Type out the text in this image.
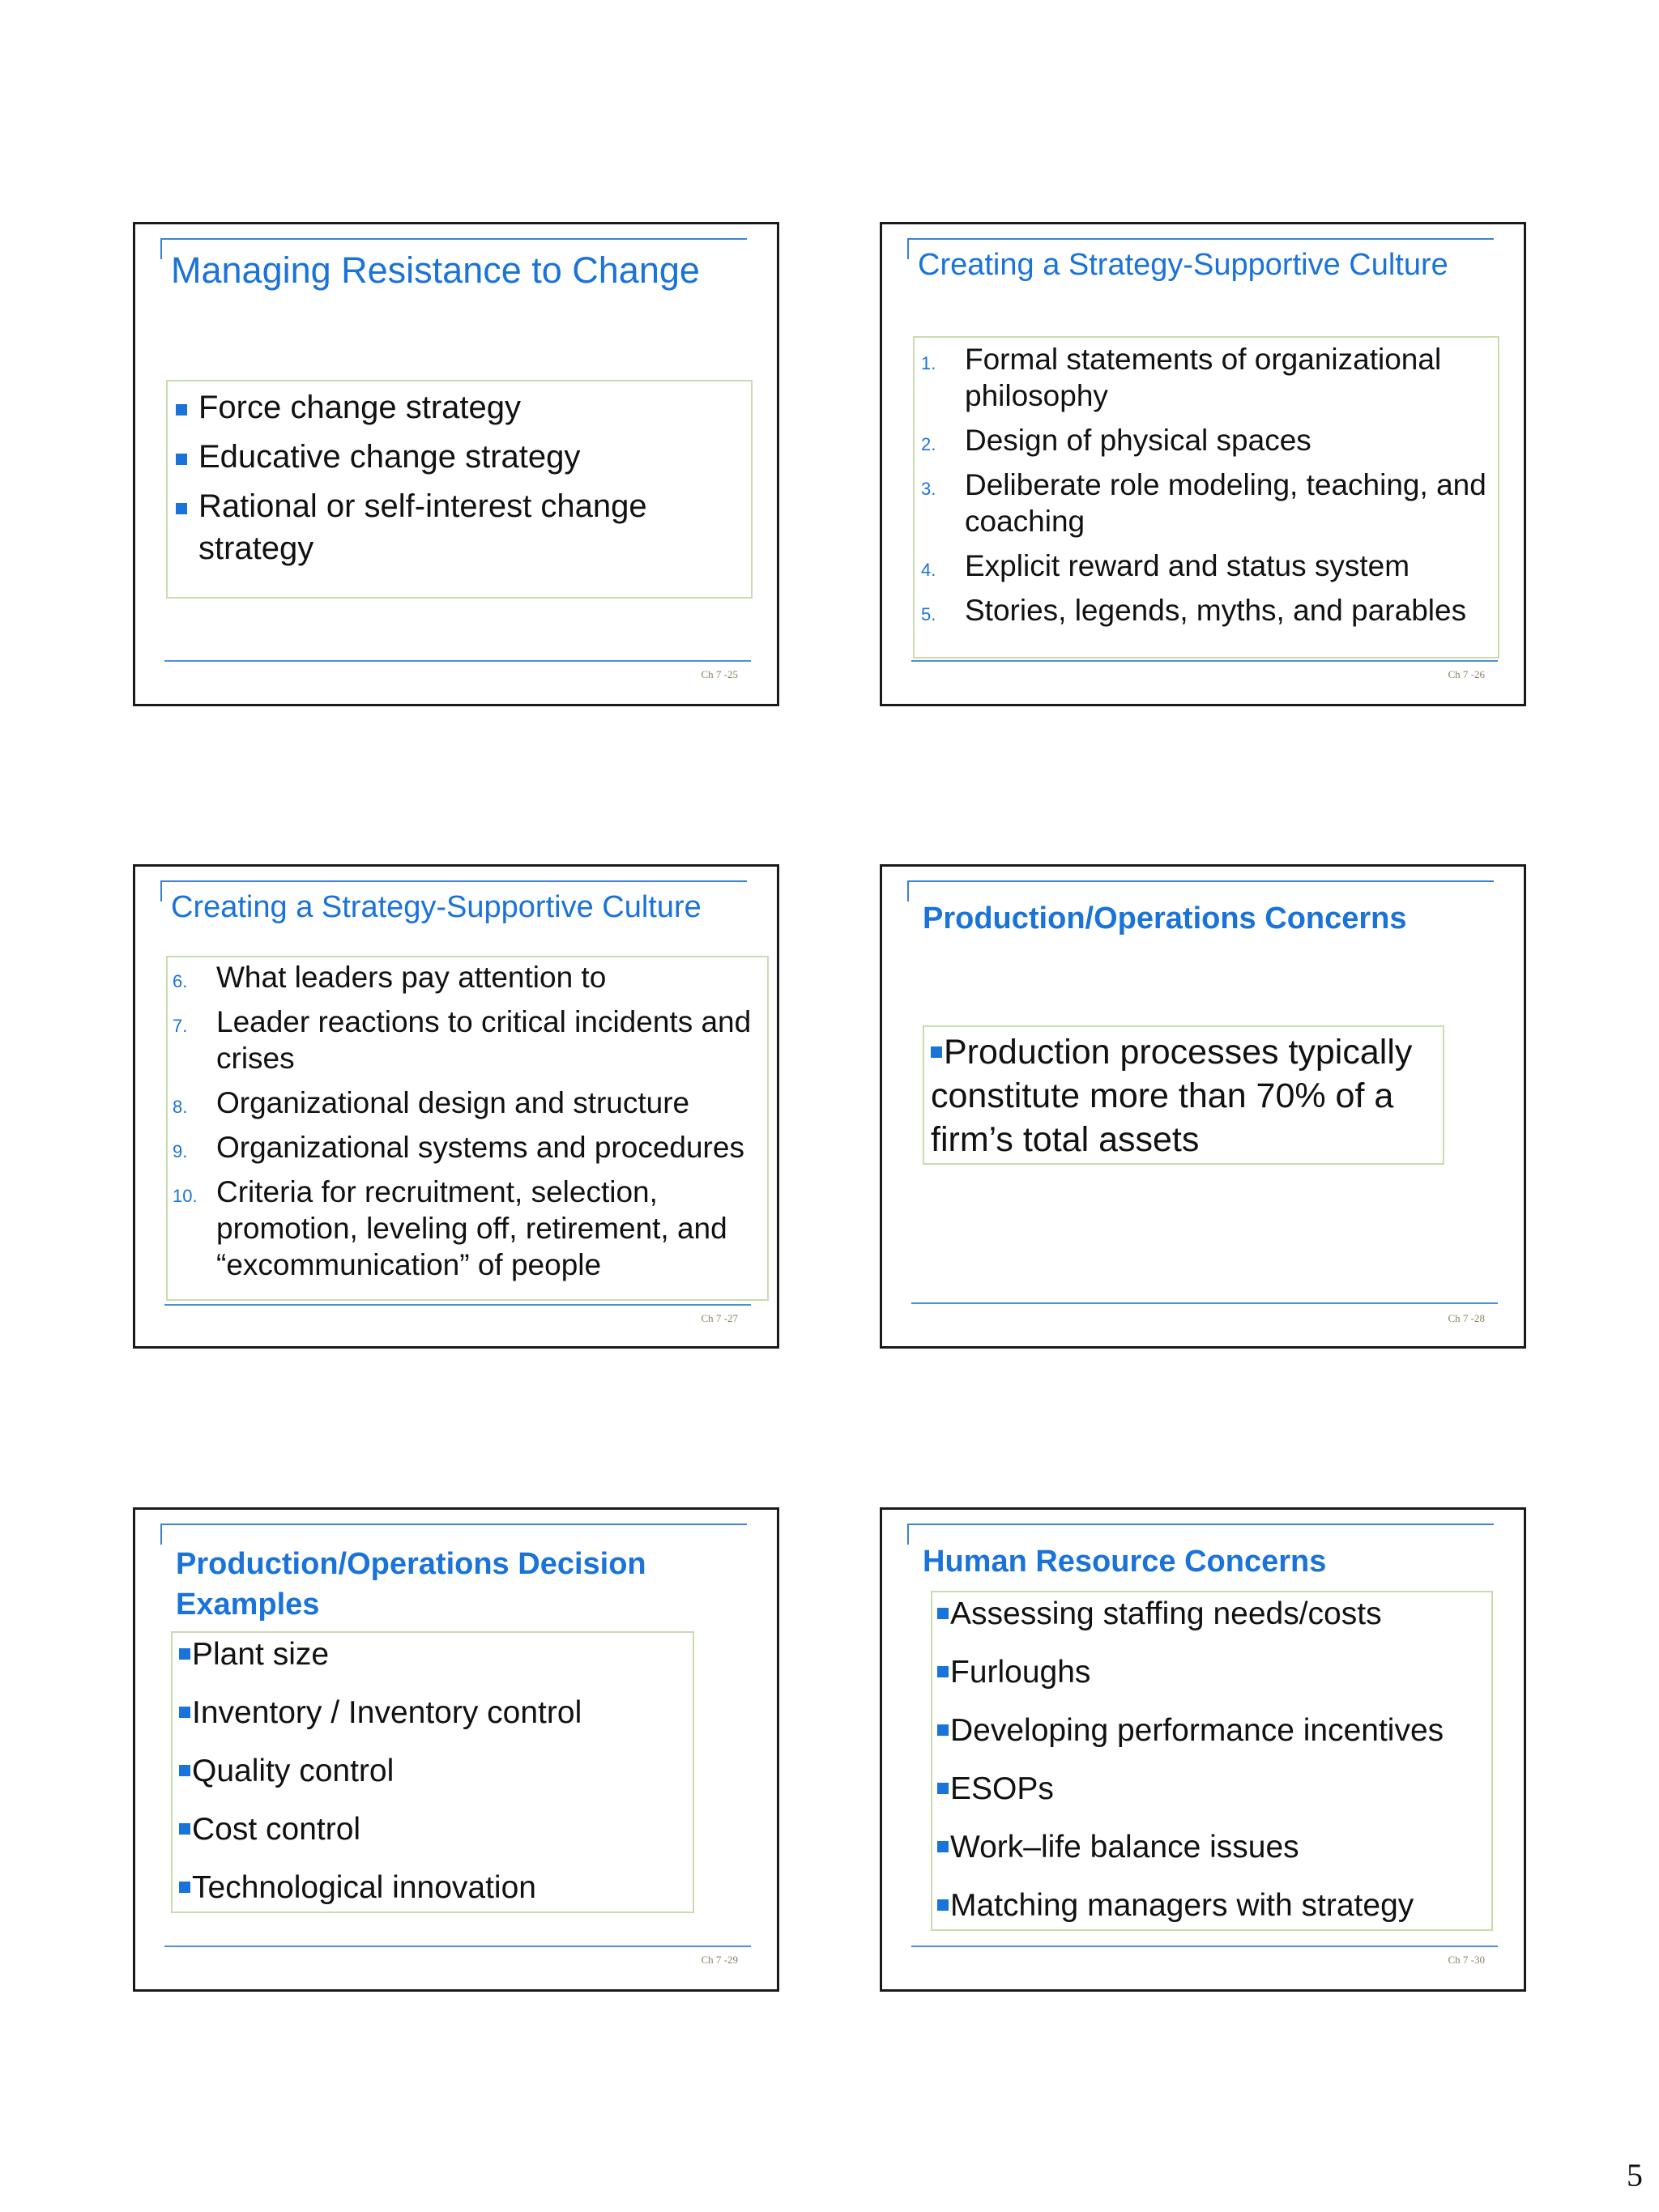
Managing Resistance to Change
Force change strategy
Educative change strategy
Rational or self-interest change strategy
Ch 7 -25
Creating a Strategy-Supportive Culture
1. Formal statements of organizational philosophy
2. Design of physical spaces
3. Deliberate role modeling, teaching, and coaching
4. Explicit reward and status system
5. Stories, legends, myths, and parables
Ch 7 -26
Creating a Strategy-Supportive Culture
6. What leaders pay attention to
7. Leader reactions to critical incidents and crises
8. Organizational design and structure
9. Organizational systems and procedures
10. Criteria for recruitment, selection, promotion, leveling off, retirement, and “excommunication” of people
Ch 7 -27
Production/Operations Concerns
Production processes typically constitute more than 70% of a firm’s total assets
Ch 7 -28
Production/Operations Decision Examples
Plant size
Inventory / Inventory control
Quality control
Cost control
Technological innovation
Ch 7 -29
Human Resource Concerns
Assessing staffing needs/costs
Furloughs
Developing performance incentives
ESOPs
Work–life balance issues
Matching managers with strategy
Ch 7 -30
5
